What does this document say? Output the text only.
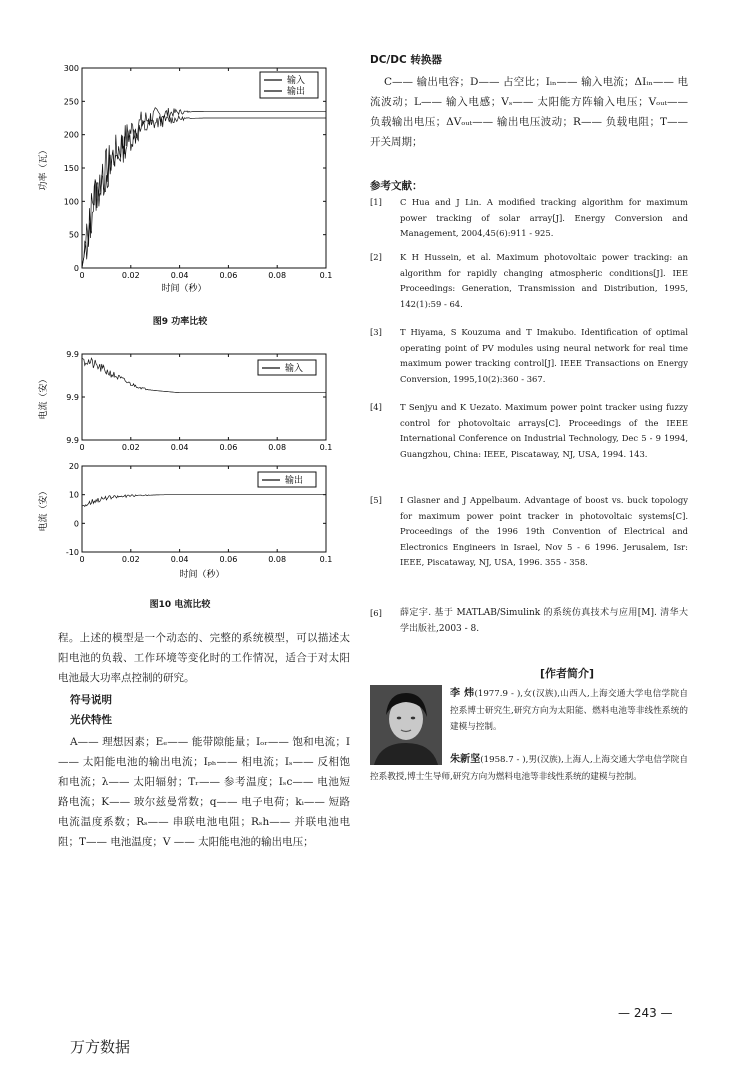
0	0.02	0.04	0.06	0.08	0.1
0
50
100
150
200
250
300
输入
输出
时间（秒）
功率（瓦）
图9 功率比较
0	0.02	0.04	0.06	0.08	0.1
9.9
9.9
9.9
输入
电流（安）
0	0.02	0.04	0.06	0.08	0.1
-10
0
10
20
输出
电流（安）
时间（秒）
图10 电流比较
程。上述的模型是一个动态的、完整的系统模型，可以描述太阳电池的负载、工作环境等变化时的工作情况，适合于对太阳电池最大功率点控制的研究。
符号说明
光伏特性
A—— 理想因素；Eₑ—— 能带隙能量；Iₒᵣ—— 饱和电流；I—— 太阳能电池的输出电流；Iₚₕ—— 相电流；Iₛ—— 反相饱和电流；λ—— 太阳辐射；Tᵣ—— 参考温度；Iₛc—— 电池短路电流；K—— 玻尔兹曼常数；q—— 电子电荷；kᵢ—— 短路电流温度系数；Rₛ—— 串联电池电阻；Rₛh—— 并联电池电阻；T—— 电池温度；V —— 太阳能电池的输出电压；
DC/DC 转换器
C—— 输出电容；D—— 占空比；Iᵢₙ—— 输入电流；ΔIᵢₙ—— 电流波动；L—— 输入电感；Vₛ—— 太阳能方阵输入电压；Vₒᵤₜ—— 负载输出电压；ΔVₒᵤₜ—— 输出电压波动；R—— 负载电阻；T—— 开关周期；
参考文献：
[1]	C Hua and J Lin. A modified tracking algorithm for maximum power tracking of solar array[J]. Energy Conversion and Management, 2004,45(6):911 - 925.
[2]	K H Hussein, et al. Maximum photovoltaic power tracking: an algorithm for rapidly changing atmospheric conditions[J]. IEE Proceedings: Generation, Transmission and Distribution, 1995, 142(1):59 - 64.
[3]	T Hiyama, S Kouzuma and T Imakubo. Identification of optimal operating point of PV modules using neural network for real time maximum power tracking control[J]. IEEE Transactions on Energy Conversion, 1995,10(2):360 - 367.
[4]	T Senjyu and K Uezato. Maximum power point tracker using fuzzy control for photovoltaic arrays[C]. Proceedings of the IEEE International Conference on Industrial Technology, Dec 5 - 9 1994, Guangzhou, China: IEEE, Piscataway, NJ, USA, 1994. 143.
[5]	I Glasner and J Appelbaum. Advantage of boost vs. buck topology for maximum power point tracker in photovoltaic systems[C]. Proceedings of the 1996 19th Convention of Electrical and Electronics Engineers in Israel, Nov 5 - 6 1996. Jerusalem, Isr: IEEE, Piscataway, NJ, USA, 1996. 355 - 358.
[6]	薛定宇. 基于 MATLAB/Simulink 的系统仿真技术与应用[M]. 清华大学出版社,2003 - 8.
[作者简介]
李 炜(1977.9 - ),女(汉族),山西人,上海交通大学电信学院自控系博士研究生,研究方向为太阳能、燃料电池等非线性系统的建模与控制。
朱新坚(1958.7 - ),男(汉族),上海人,上海交通大学电信学院自控系教授,博士生导师,研究方向为燃料电池等非线性系统的建模与控制。
— 243 —
万方数据
